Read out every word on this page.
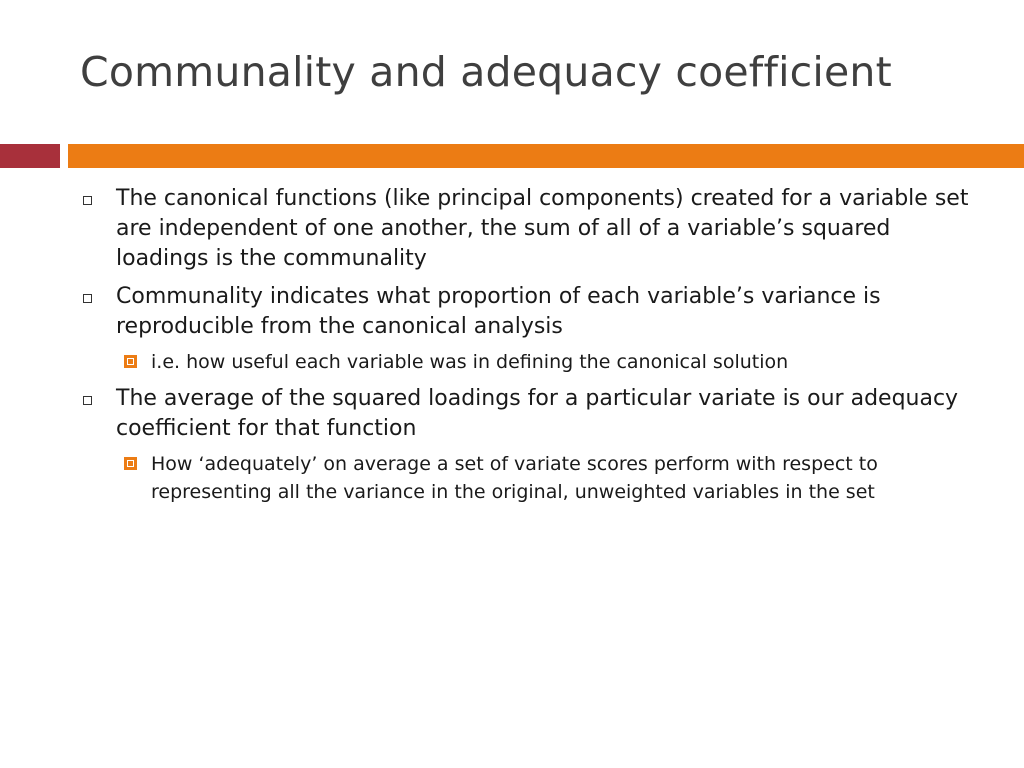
Communality and adequacy coefficient
The canonical functions (like principal components) created for a variable set are independent of one another, the sum of all of a variable’s squared loadings is the communality
Communality indicates what proportion of each variable’s variance is reproducible from the canonical analysis
i.e. how useful each variable was in defining the canonical solution
The average of the squared loadings for a particular variate is our adequacy coefficient for that function
How ‘adequately’ on average a set of variate scores perform with respect to representing all the variance in the original, unweighted variables in the set
